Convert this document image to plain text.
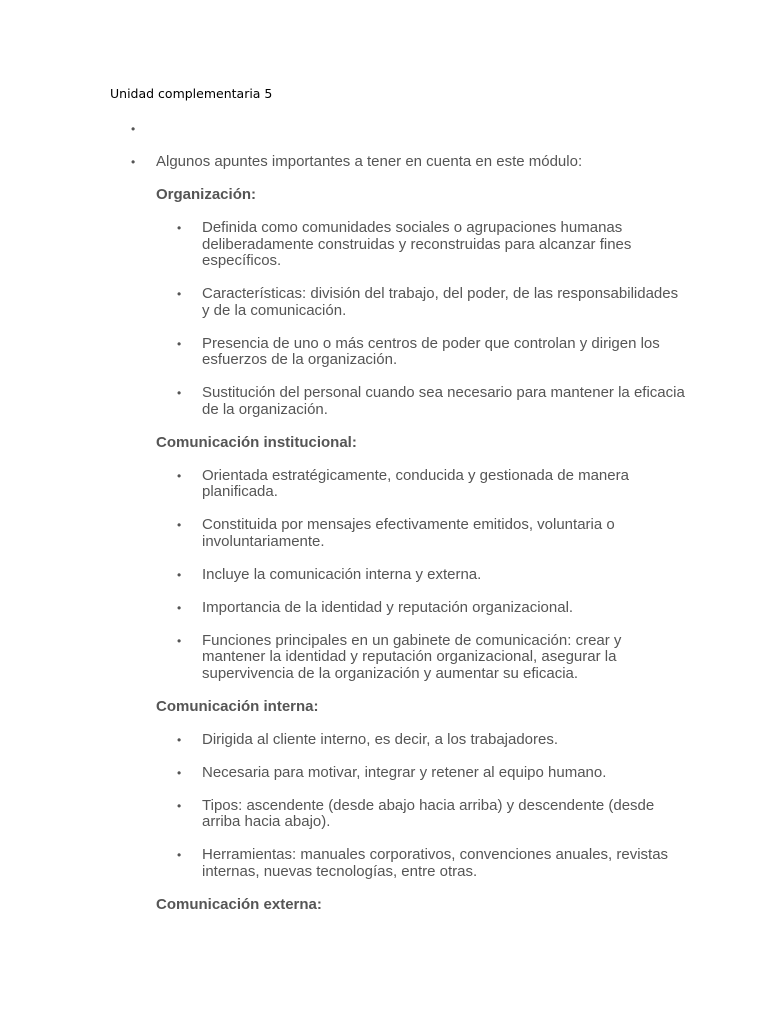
Unidad complementaria 5
•
• Algunos apuntes importantes a tener en cuenta en este módulo:

Organización:

• Definida como comunidades sociales o agrupaciones humanas deliberadamente construidas y reconstruidas para alcanzar fines específicos.
• Características: división del trabajo, del poder, de las responsabilidades y de la comunicación.
• Presencia de uno o más centros de poder que controlan y dirigen los esfuerzos de la organización.
• Sustitución del personal cuando sea necesario para mantener la eficacia de la organización.

Comunicación institucional:

• Orientada estratégicamente, conducida y gestionada de manera planificada.
• Constituida por mensajes efectivamente emitidos, voluntaria o involuntariamente.
• Incluye la comunicación interna y externa.
• Importancia de la identidad y reputación organizacional.
• Funciones principales en un gabinete de comunicación: crear y mantener la identidad y reputación organizacional, asegurar la supervivencia de la organización y aumentar su eficacia.

Comunicación interna:

• Dirigida al cliente interno, es decir, a los trabajadores.
• Necesaria para motivar, integrar y retener al equipo humano.
• Tipos: ascendente (desde abajo hacia arriba) y descendente (desde arriba hacia abajo).
• Herramientas: manuales corporativos, convenciones anuales, revistas internas, nuevas tecnologías, entre otras.

Comunicación externa:
